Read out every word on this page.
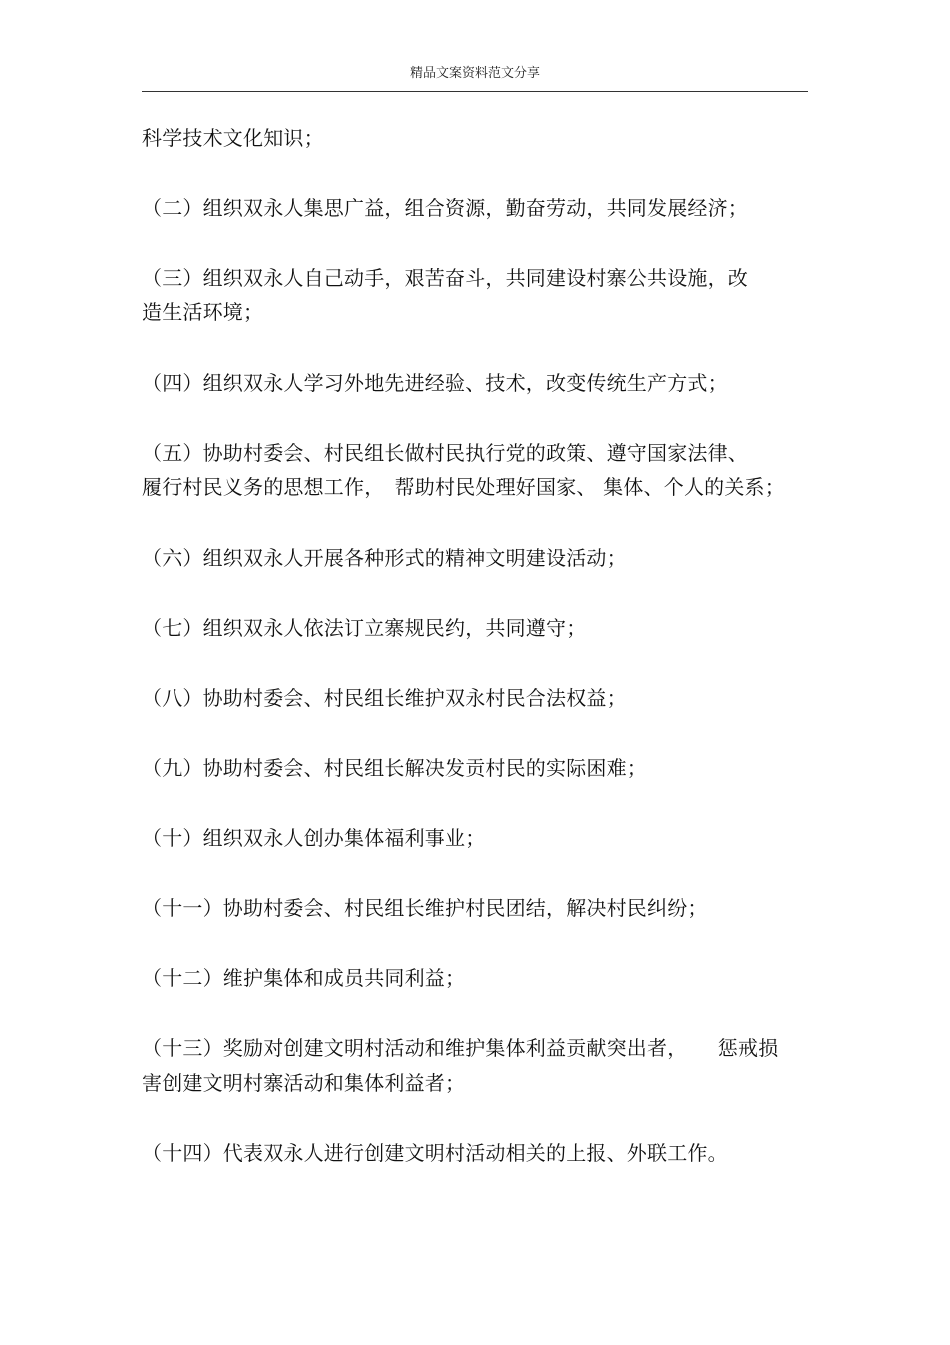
精品文案资料范文分享
科学技术文化知识；
（二）组织双永人集思广益，组合资源，勤奋劳动，共同发展经济；
（三）组织双永人自己动手，艰苦奋斗，共同建设村寨公共设施，改
造生活环境；
（四）组织双永人学习外地先进经验、技术，改变传统生产方式；
（五）协助村委会、村民组长做村民执行党的政策、遵守国家法律、
履行村民义务的思想工作，　帮助村民处理好国家、 集体、个人的关系；
（六）组织双永人开展各种形式的精神文明建设活动；
（七）组织双永人依法订立寨规民约，共同遵守；
（八）协助村委会、村民组长维护双永村民合法权益；
（九）协助村委会、村民组长解决发贡村民的实际困难；
（十）组织双永人创办集体福利事业；
（十一）协助村委会、村民组长维护村民团结，解决村民纠纷；
（十二）维护集体和成员共同利益；
（十三）奖励对创建文明村活动和维护集体利益贡献突出者，　　惩戒损
害创建文明村寨活动和集体利益者；
（十四）代表双永人进行创建文明村活动相关的上报、外联工作。
